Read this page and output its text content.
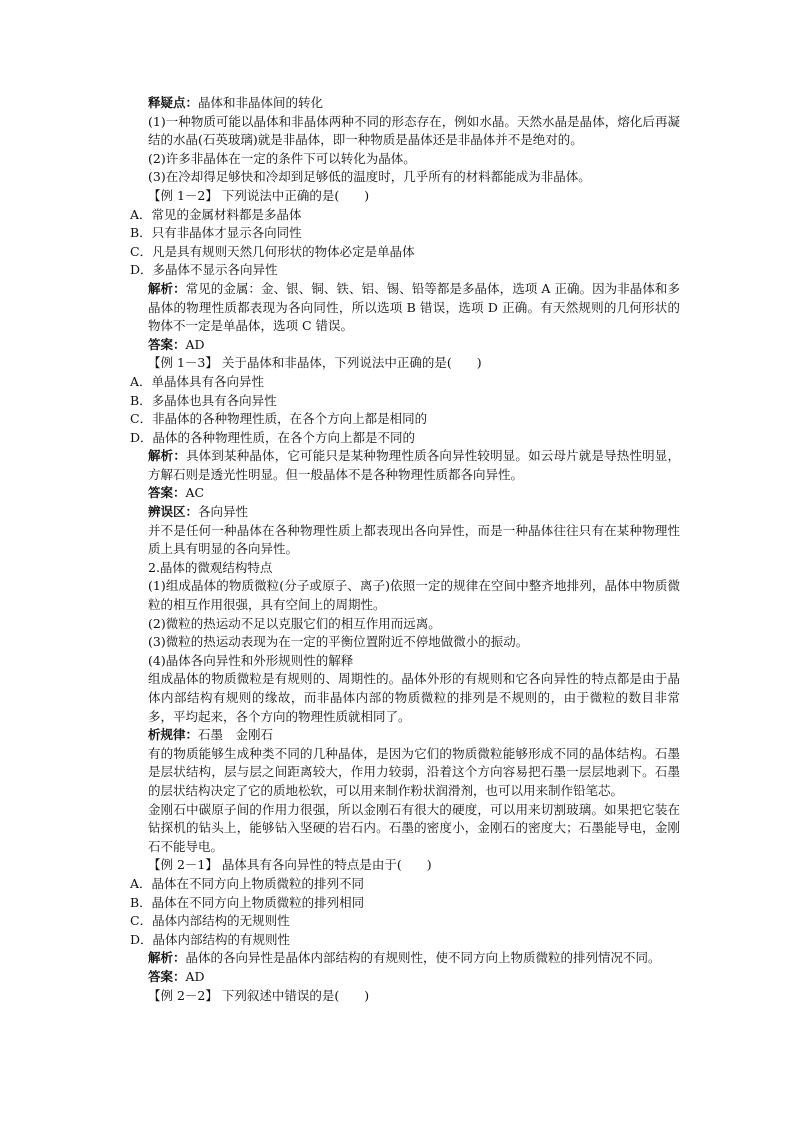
释疑点：晶体和非晶体间的转化
(1)一种物质可能以晶体和非晶体两种不同的形态存在，例如水晶。天然水晶是晶体，熔化后再凝结的水晶(石英玻璃)就是非晶体，即一种物质是晶体还是非晶体并不是绝对的。
(2)许多非晶体在一定的条件下可以转化为晶体。
(3)在冷却得足够快和冷却到足够低的温度时，几乎所有的材料都能成为非晶体。
【例 1－2】 下列说法中正确的是(　　)
A．常见的金属材料都是多晶体
B．只有非晶体才显示各向同性
C．凡是具有规则天然几何形状的物体必定是单晶体
D．多晶体不显示各向异性
解析：常见的金属：金、银、铜、铁、铝、锡、铅等都是多晶体，选项 A 正确。因为非晶体和多晶体的物理性质都表现为各向同性，所以选项 B 错误，选项 D 正确。有天然规则的几何形状的物体不一定是单晶体，选项 C 错误。
答案：AD
【例 1－3】 关于晶体和非晶体，下列说法中正确的是(　　)
A．单晶体具有各向异性
B．多晶体也具有各向异性
C．非晶体的各种物理性质，在各个方向上都是相同的
D．晶体的各种物理性质，在各个方向上都是不同的
解析：具体到某种晶体，它可能只是某种物理性质各向异性较明显。如云母片就是导热性明显，方解石则是透光性明显。但一般晶体不是各种物理性质都各向异性。
答案：AC
辨误区：各向异性
并不是任何一种晶体在各种物理性质上都表现出各向异性，而是一种晶体往往只有在某种物理性质上具有明显的各向异性。
2.晶体的微观结构特点
(1)组成晶体的物质微粒(分子或原子、离子)依照一定的规律在空间中整齐地排列，晶体中物质微粒的相互作用很强，具有空间上的周期性。
(2)微粒的热运动不足以克服它们的相互作用而远离。
(3)微粒的热运动表现为在一定的平衡位置附近不停地做微小的振动。
(4)晶体各向异性和外形规则性的解释
组成晶体的物质微粒是有规则的、周期性的。晶体外形的有规则和它各向异性的特点都是由于晶体内部结构有规则的缘故，而非晶体内部的物质微粒的排列是不规则的，由于微粒的数目非常多，平均起来，各个方向的物理性质就相同了。
析规律：石墨　金刚石
有的物质能够生成种类不同的几种晶体，是因为它们的物质微粒能够形成不同的晶体结构。石墨是层状结构，层与层之间距离较大，作用力较弱，沿着这个方向容易把石墨一层层地剥下。石墨的层状结构决定了它的质地松软，可以用来制作粉状润滑剂，也可以用来制作铅笔芯。
金刚石中碳原子间的作用力很强，所以金刚石有很大的硬度，可以用来切割玻璃。如果把它装在钻探机的钻头上，能够钻入坚硬的岩石内。石墨的密度小，金刚石的密度大；石墨能导电，金刚石不能导电。
【例 2－1】 晶体具有各向异性的特点是由于(　　)
A．晶体在不同方向上物质微粒的排列不同
B．晶体在不同方向上物质微粒的排列相同
C．晶体内部结构的无规则性
D．晶体内部结构的有规则性
解析：晶体的各向异性是晶体内部结构的有规则性，使不同方向上物质微粒的排列情况不同。
答案：AD
【例 2－2】 下列叙述中错误的是(　　)
